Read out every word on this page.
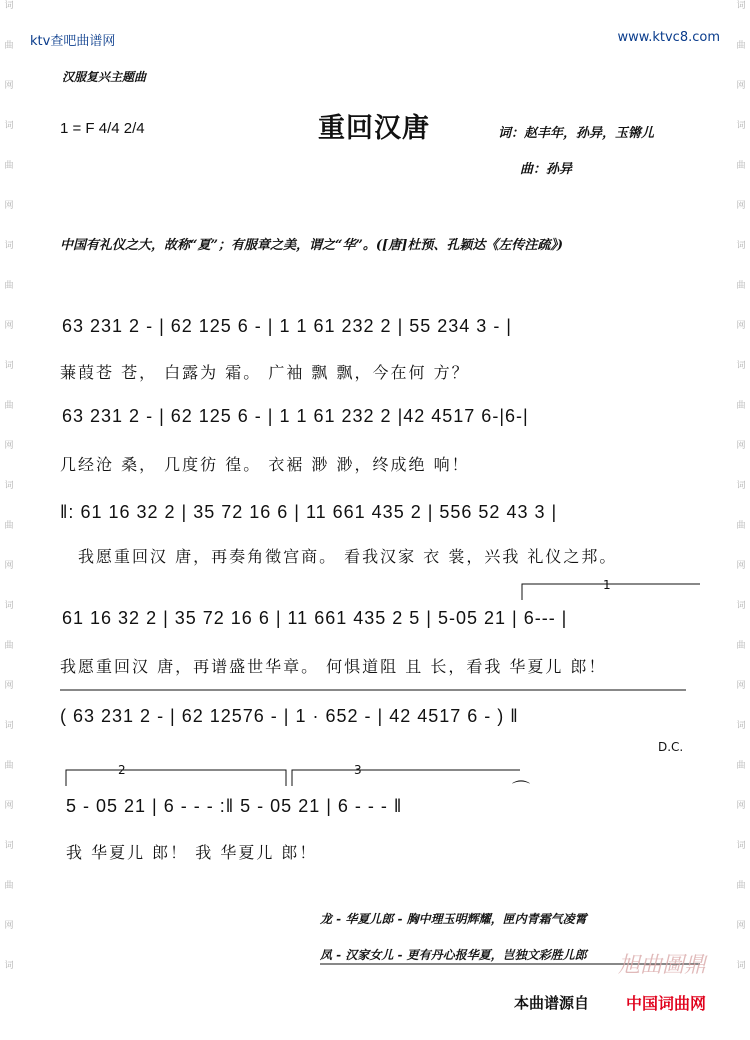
词
曲
网
词
曲
网
词
曲
网
词
曲
网
词
曲
网
词
曲
网
词
曲
网
词
曲
网
词
词
曲
网
词
曲
网
词
曲
网
词
曲
网
词
曲
网
词
曲
网
词
曲
网
词
曲
网
词
ktv查吧曲谱网	www.ktvc8.com
汉服复兴主题曲
1 = F 4/4 2/4	重回汉唐	词：赵丰年，孙异，玉锵儿
曲：孙异
中国有礼仪之大，故称“夏”；有服章之美，谓之“华”。([唐]杜预、孔颖达《左传注疏》)
63 231 2 - | 62 125 6 - | 1 1 61 232 2 | 55 234 3 - |
蒹葭苍 苍， 白露为 霜。 广袖 飘 飘，今在何 方？
63 231 2 - | 62 125 6 - | 1 1 61 232 2 |42 4517 6-|6-|
几经沧 桑， 几度彷 徨。 衣裾 渺 渺，终成绝 响！
‖: 61 16 32 2 | 35 72 16 6 | 11 661 435 2 | 556 52 43 3 |
我愿重回汉 唐，再奏角徵宫商。 看我汉家 衣 裳，兴我 礼仪之邦。
61 16 32 2 | 35 72 16 6 | 11 661 435 2 5 | 5-05 21 | 6--- |
我愿重回汉 唐，再谱盛世华章。 何惧道阻 且 长，看我 华夏儿 郎！
( 63 231 2 - | 62 12576 - | 1 · 652 - | 42 4517 6 - ) ‖
D.C.
5 - 05 21 | 6 - - - :‖ 5 - 05 21 | 6 - - - ‖
我 华夏儿 郎！ 我 华夏儿 郎！
1
2	3
⌒
龙 - 华夏儿郎 - 胸中理玉明辉耀，匣内青霜气凌霄
凤 - 汉家女儿 - 更有丹心报华夏，岂独文彩胜儿郎 旭曲圖鼎
本曲谱源自 中国词曲网
